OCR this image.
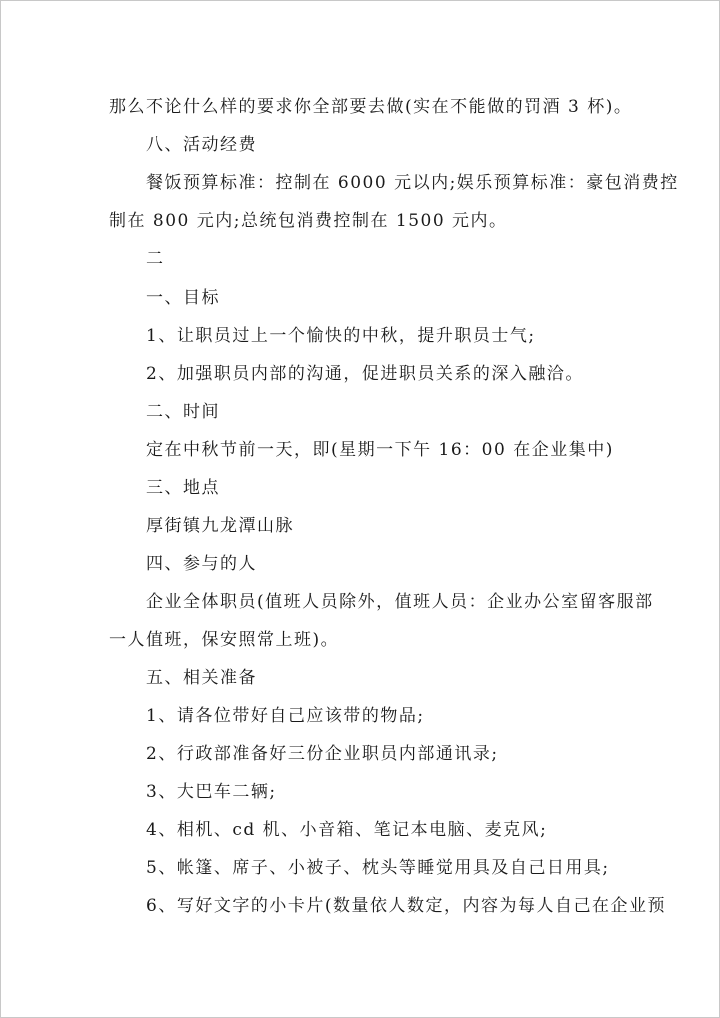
那么不论什么样的要求你全部要去做(实在不能做的罚酒 3 杯)。
八、活动经费
餐饭预算标准：控制在 6000 元以内;娱乐预算标准：豪包消费控
制在 800 元内;总统包消费控制在 1500 元内。
二
一、目标
1、让职员过上一个愉快的中秋，提升职员士气;
2、加强职员内部的沟通，促进职员关系的深入融洽。
二、时间
定在中秋节前一天，即(星期一下午 16：00 在企业集中)
三、地点
厚街镇九龙潭山脉
四、参与的人
企业全体职员(值班人员除外，值班人员：企业办公室留客服部
一人值班，保安照常上班)。
五、相关准备
1、请各位带好自己应该带的物品;
2、行政部准备好三份企业职员内部通讯录;
3、大巴车二辆;
4、相机、cd 机、小音箱、笔记本电脑、麦克风;
5、帐篷、席子、小被子、枕头等睡觉用具及自己日用具;
6、写好文字的小卡片(数量依人数定，内容为每人自己在企业预
